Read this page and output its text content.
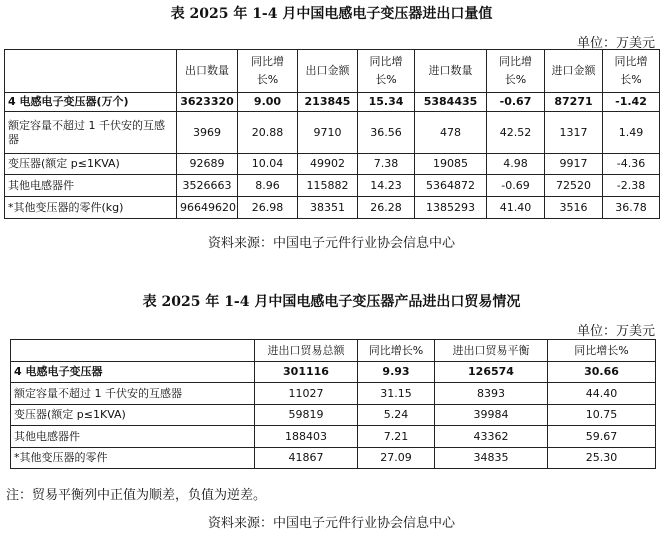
表 2025 年 1-4 月中国电感电子变压器进出口量值
单位：万美元
	出口数量	同比增长%	出口金额	同比增长%	进口数量	同比增长%	进口金额	同比增长%
4 电感电子变压器(万个)	3623320	9.00	213845	15.34	5384435	-0.67	87271	-1.42
额定容量不超过 1 千伏安的互感器	3969	20.88	9710	36.56	478	42.52	1317	1.49
变压器(额定 p≤1KVA)	92689	10.04	49902	7.38	19085	4.98	9917	-4.36
其他电感器件	3526663	8.96	115882	14.23	5364872	-0.69	72520	-2.38
*其他变压器的零件(kg)	96649620	26.98	38351	26.28	1385293	41.40	3516	36.78
资料来源：中国电子元件行业协会信息中心
表 2025 年 1-4 月中国电感电子变压器产品进出口贸易情况
单位：万美元
	进出口贸易总额	同比增长%	进出口贸易平衡	同比增长%
4 电感电子变压器	301116	9.93	126574	30.66
额定容量不超过 1 千伏安的互感器	11027	31.15	8393	44.40
变压器(额定 p≤1KVA)	59819	5.24	39984	10.75
其他电感器件	188403	7.21	43362	59.67
*其他变压器的零件	41867	27.09	34835	25.30
注：贸易平衡列中正值为顺差，负值为逆差。
资料来源：中国电子元件行业协会信息中心
